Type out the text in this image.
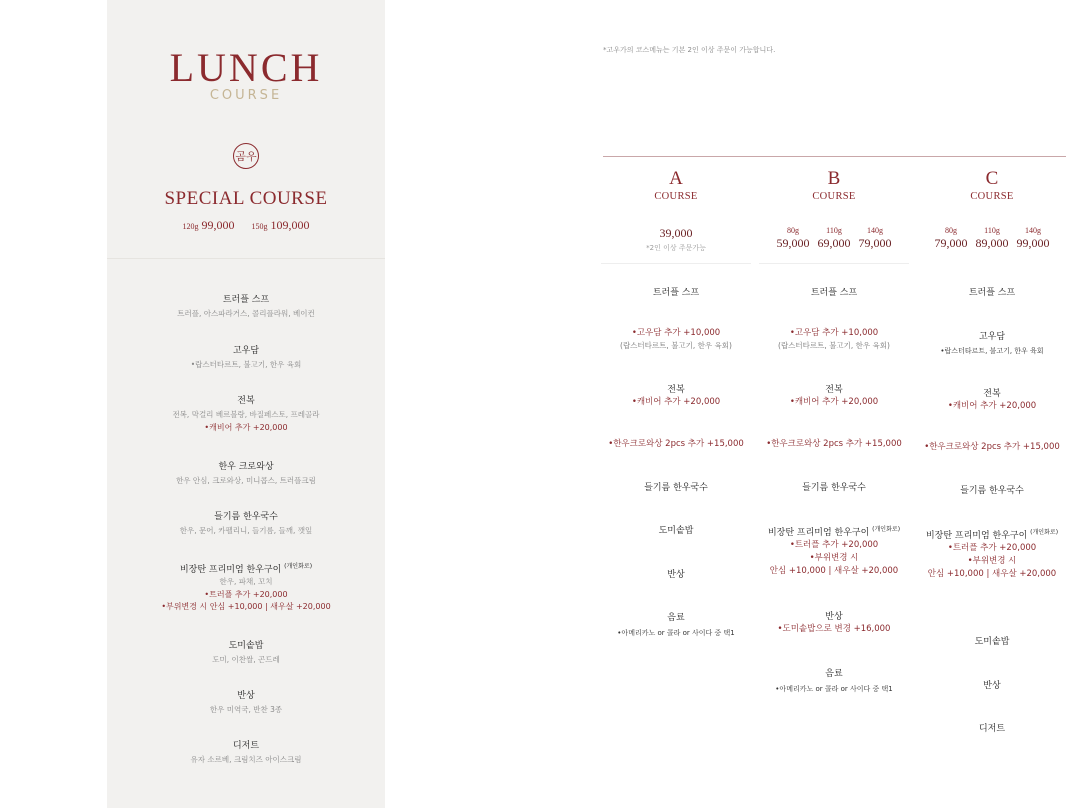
LUNCH
COURSE
곰우
SPECIAL COURSE
120g 99,000 150g 109,000
트러플 스프
트러플, 아스파라거스, 콜리플라워, 베이컨
고우담
•랍스터타르트, 불고기, 한우 육회
전복
전복, 막걸리 베르블랑, 바질페스토, 프레골라
•캐비어 추가 +20,000
한우 크로와상
한우 안심, 크로와상, 미니콥스, 트러플크림
들기름 한우국수
한우, 문어, 카펠리니, 들기름, 들깨, 깻잎
비장탄 프리미엄 한우구이 $^{(개인화로)}$
한우, 파채, 꼬치
•트러플 추가 +20,000
•부위변경 시 안심 +10,000 | 새우살 +20,000
도미솥밥
도미, 이찬쌀, 곤드레
반상
한우 미역국, 반찬 3종
디저트
유자 소르베, 크림치즈 아이스크림
*고우가의 코스메뉴는 기본 2인 이상 주문이 가능합니다.
A
COURSE
39,000
*2인 이상 주문가능
트러플 스프
•고우담 추가 +10,000
(랍스터타르트, 불고기, 한우 육회)
전복
•캐비어 추가 +20,000
•한우크로와상 2pcs 추가 +15,000
들기름 한우국수
도미솥밥
반상
음료
•아메리카노 or 콜라 or 사이다 중 택1
B
COURSE
80g
59,000
110g
69,000
140g
79,000
트러플 스프
•고우담 추가 +10,000
(랍스터타르트, 불고기, 한우 육회)
전복
•캐비어 추가 +20,000
•한우크로와상 2pcs 추가 +15,000
들기름 한우국수
비장탄 프리미엄 한우구이 $^{(개인화로)}$
•트러플 추가 +20,000
•부위변경 시
안심 +10,000 | 새우살 +20,000
반상
•도미솥밥으로 변경 +16,000
음료
•아메리카노 or 콜라 or 사이다 중 택1
C
COURSE
80g
79,000
110g
89,000
140g
99,000
트러플 스프
고우담
•랍스터타르트, 불고기, 한우 육회
전복
•캐비어 추가 +20,000
•한우크로와상 2pcs 추가 +15,000
들기름 한우국수
비장탄 프리미엄 한우구이 $^{(개인화로)}$
•트러플 추가 +20,000
•부위변경 시
안심 +10,000 | 새우살 +20,000
도미솥밥
반상
디저트
